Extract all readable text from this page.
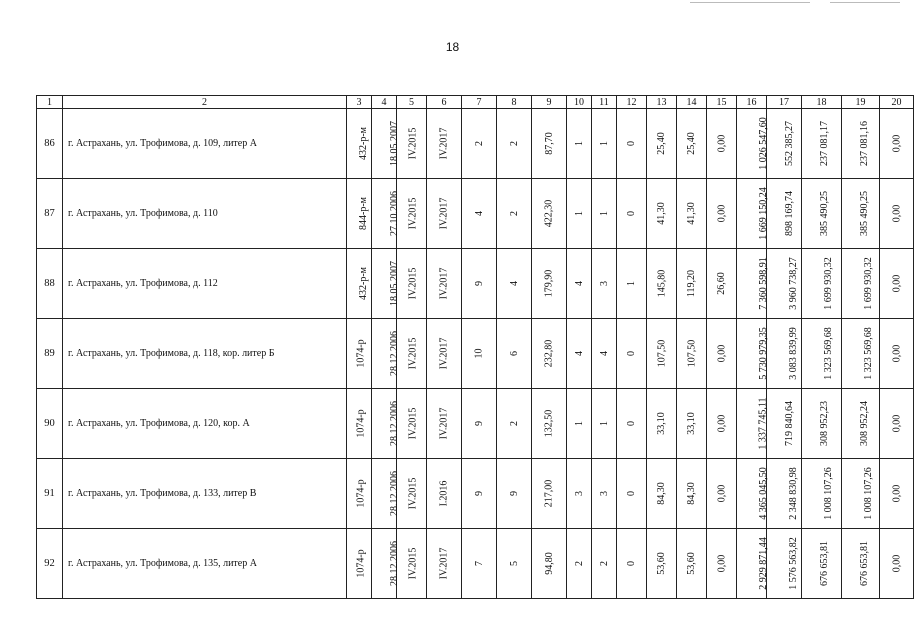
18
1	2	3	4	5	6	7	8	9	10	11	12	13	14	15	16	17	18	19	20
86	г. Астрахань, ул. Трофимова, д. 109, литер А	432-р-м	18.05.2007	IV.2015	IV.2017	2	2	87,70	1	1	0	25,40	25,40	0,00	1 026 547,60	552 385,27	237 081,17	237 081,16	0,00
87	г. Астрахань, ул. Трофимова, д. 110	844-р-м	27.10.2006	IV.2015	IV.2017	4	2	422,30	1	1	0	41,30	41,30	0,00	1 669 150,24	898 169,74	385 490,25	385 490,25	0,00
88	г. Астрахань, ул. Трофимова, д. 112	432-р-м	18.05.2007	IV.2015	IV.2017	9	4	179,90	4	3	1	145,80	119,20	26,60	7 360 598,91	3 960 738,27	1 699 930,32	1 699 930,32	0,00
89	г. Астрахань, ул. Трофимова, д. 118, кор. литер Б	1074-р	28.12.2006	IV.2015	IV.2017	10	6	232,80	4	4	0	107,50	107,50	0,00	5 730 979,35	3 083 839,99	1 323 569,68	1 323 569,68	0,00
90	г. Астрахань, ул. Трофимова, д. 120, кор. А	1074-р	28.12.2006	IV.2015	IV.2017	9	2	132,50	1	1	0	33,10	33,10	0,00	1 337 745,11	719 840,64	308 952,23	308 952,24	0,00
91	г. Астрахань, ул. Трофимова, д. 133, литер В	1074-р	28.12.2006	IV.2015	I.2016	9	9	217,00	3	3	0	84,30	84,30	0,00	4 365 045,50	2 348 830,98	1 008 107,26	1 008 107,26	0,00
92	г. Астрахань, ул. Трофимова, д. 135, литер А	1074-р	28.12.2006	IV.2015	IV.2017	7	5	94,80	2	2	0	53,60	53,60	0,00	2 929 871,44	1 576 563,82	676 653,81	676 653,81	0,00
